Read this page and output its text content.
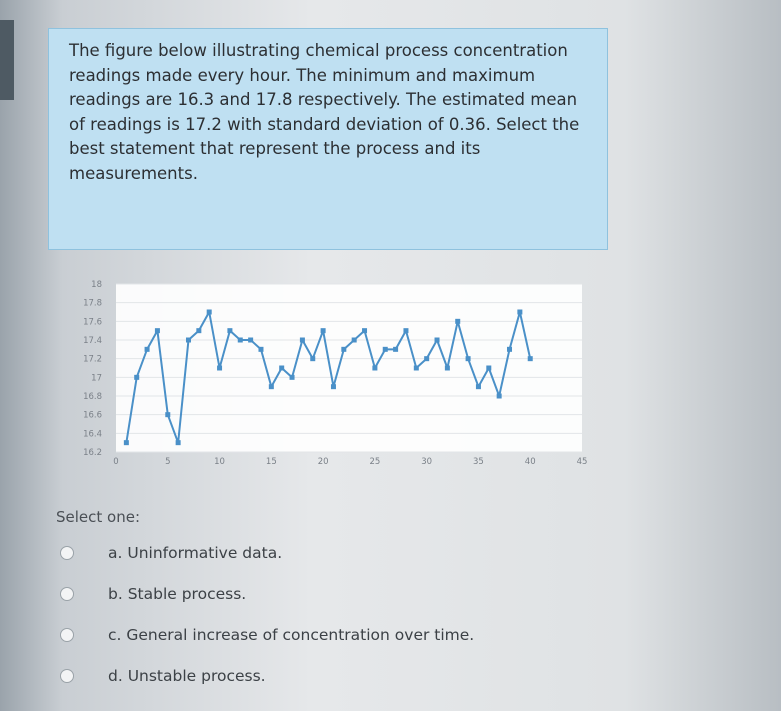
The figure below illustrating chemical process concentration readings made every hour. The minimum and maximum readings are 16.3 and 17.8 respectively. The estimated mean of readings is 17.2 with standard deviation of 0.36. Select the best statement that represent the process and its measurements.

18
17.8
17.6
17.4
17.2
17
16.8
16.6
16.4
16.2
0	5	10	15	20	25	30	35	40	45
Select one:
a. Uninformative data.
b. Stable process.
c. General increase of concentration over time.
d. Unstable process.
